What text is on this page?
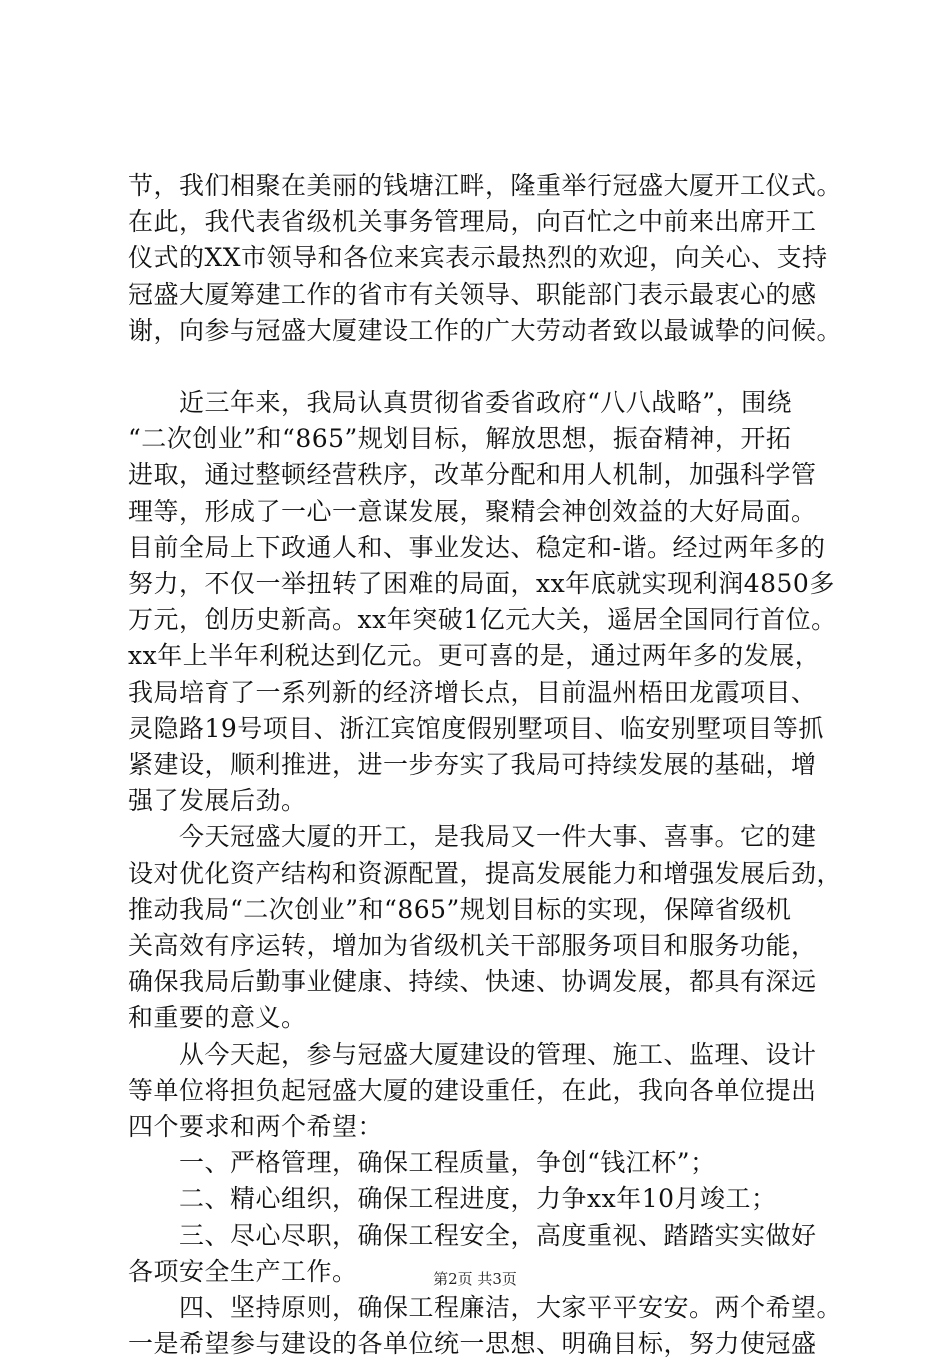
节，我们相聚在美丽的钱塘江畔，隆重举行冠盛大厦开工仪式。
在此，我代表省级机关事务管理局，向百忙之中前来出席开工
仪式的XX市领导和各位来宾表示最热烈的欢迎，向关心、支持
冠盛大厦筹建工作的省市有关领导、职能部门表示最衷心的感
谢，向参与冠盛大厦建设工作的广大劳动者致以最诚挚的问候。
　　近三年来，我局认真贯彻省委省政府“八八战略”，围绕
“二次创业”和“865”规划目标，解放思想，振奋精神，开拓
进取，通过整顿经营秩序，改革分配和用人机制，加强科学管
理等，形成了一心一意谋发展，聚精会神创效益的大好局面。
目前全局上下政通人和、事业发达、稳定和-谐。经过两年多的
努力，不仅一举扭转了困难的局面，xx年底就实现利润4850多
万元，创历史新高。xx年突破1亿元大关，遥居全国同行首位。
xx年上半年利税达到亿元。更可喜的是，通过两年多的发展，
我局培育了一系列新的经济增长点，目前温州梧田龙霞项目、
灵隐路19号项目、浙江宾馆度假别墅项目、临安别墅项目等抓
紧建设，顺利推进，进一步夯实了我局可持续发展的基础，增
强了发展后劲。
　　今天冠盛大厦的开工，是我局又一件大事、喜事。它的建
设对优化资产结构和资源配置，提高发展能力和增强发展后劲，
推动我局“二次创业”和“865”规划目标的实现，保障省级机
关高效有序运转，增加为省级机关干部服务项目和服务功能，
确保我局后勤事业健康、持续、快速、协调发展，都具有深远
和重要的意义。
　　从今天起，参与冠盛大厦建设的管理、施工、监理、设计
等单位将担负起冠盛大厦的建设重任，在此，我向各单位提出
四个要求和两个希望：
　　一、严格管理，确保工程质量，争创“钱江杯”；
　　二、精心组织，确保工程进度，力争xx年10月竣工；
　　三、尽心尽职，确保工程安全，高度重视、踏踏实实做好
各项安全生产工作。
　　四、坚持原则，确保工程廉洁，大家平平安安。两个希望。
一是希望参与建设的各单位统一思想、明确目标，努力使冠盛
第2页 共3页
